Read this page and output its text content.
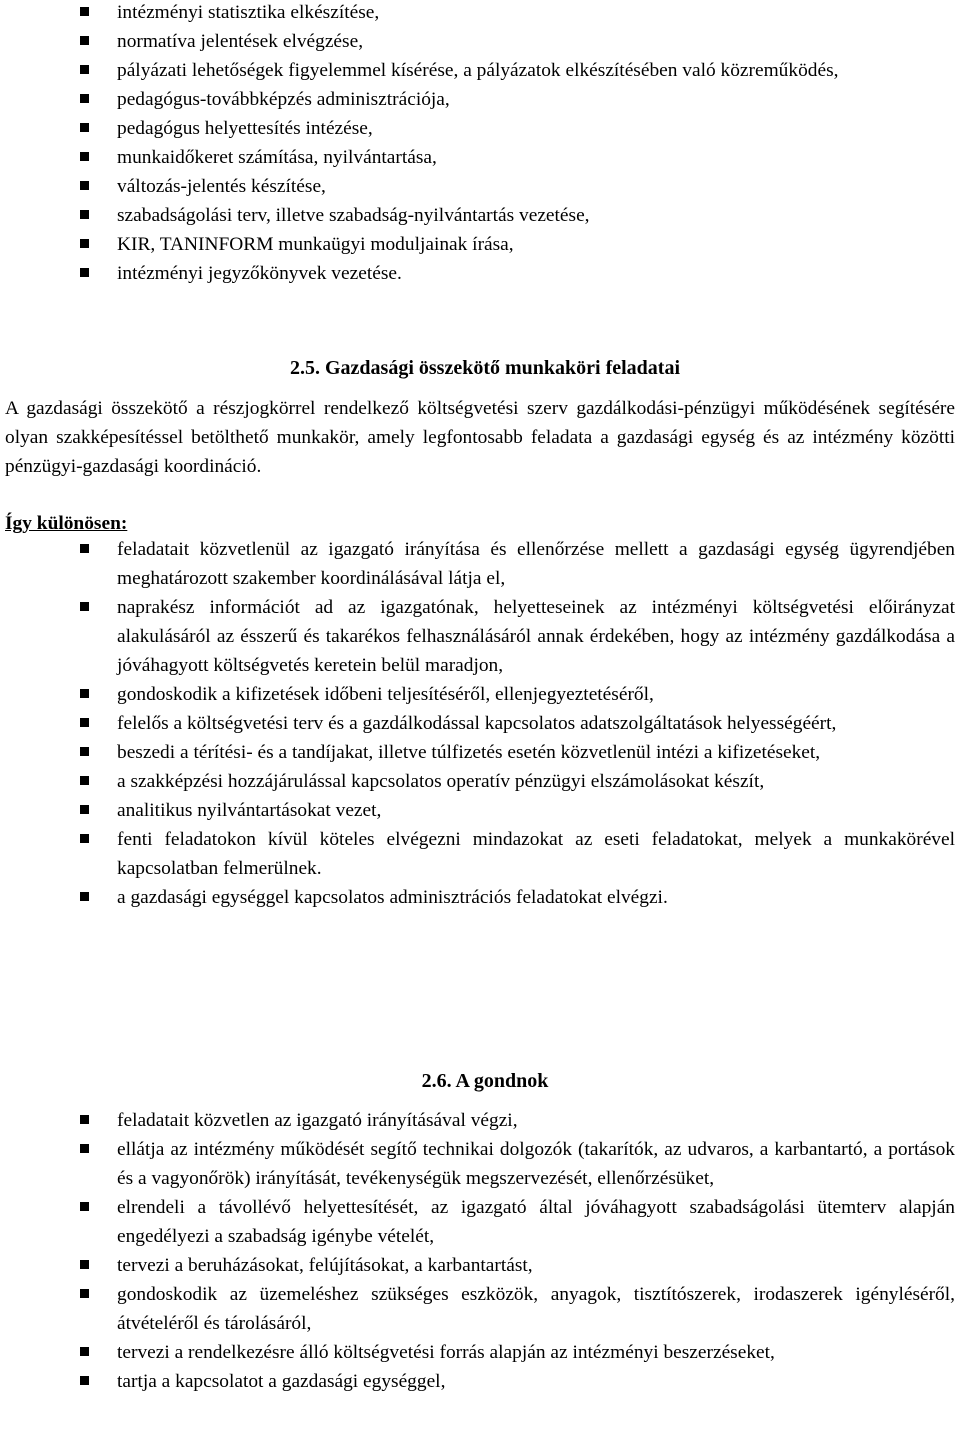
intézményi statisztika elkészítése,
normatíva jelentések elvégzése,
pályázati lehetőségek figyelemmel kísérése, a pályázatok elkészítésében való közreműködés,
pedagógus-továbbképzés adminisztrációja,
pedagógus helyettesítés intézése,
munkaidőkeret számítása, nyilvántartása,
változás-jelentés készítése,
szabadságolási terv, illetve szabadság-nyilvántartás vezetése,
KIR, TANINFORM munkaügyi moduljainak írása,
intézményi jegyzőkönyvek vezetése.
2.5. Gazdasági összekötő munkaköri feladatai

A gazdasági összekötő a részjogkörrel rendelkező költségvetési szerv gazdálkodási-pénzügyi működésének segítésére olyan szakképesítéssel betölthető munkakör, amely legfontosabb feladata a gazdasági egység és az intézmény közötti pénzügyi-gazdasági koordináció.

Így különösen:

feladatait közvetlenül az igazgató irányítása és ellenőrzése mellett a gazdasági egység ügyrendjében meghatározott szakember koordinálásával látja el,
naprakész információt ad az igazgatónak, helyetteseinek az intézményi költségvetési előirányzat alakulásáról az ésszerű és takarékos felhasználásáról annak érdekében, hogy az intézmény gazdálkodása a jóváhagyott költségvetés keretein belül maradjon,
gondoskodik a kifizetések időbeni teljesítéséről, ellenjegyeztetéséről,
felelős a költségvetési terv és a gazdálkodással kapcsolatos adatszolgáltatások helyességéért,
beszedi a térítési- és a tandíjakat, illetve túlfizetés esetén közvetlenül intézi a kifizetéseket,
a szakképzési hozzájárulással kapcsolatos operatív pénzügyi elszámolásokat készít,
analitikus nyilvántartásokat vezet,
fenti feladatokon kívül köteles elvégezni mindazokat az eseti feladatokat, melyek a munkakörével kapcsolatban felmerülnek.
a gazdasági egységgel kapcsolatos adminisztrációs feladatokat elvégzi.
2.6. A gondnok
feladatait közvetlen az igazgató irányításával végzi,
ellátja az intézmény működését segítő technikai dolgozók (takarítók, az udvaros, a karbantartó, a portások és a vagyonőrök) irányítását, tevékenységük megszervezését, ellenőrzésüket,
elrendeli a távollévő helyettesítését, az igazgató által jóváhagyott szabadságolási ütemterv alapján engedélyezi a szabadság igénybe vételét,
tervezi a beruházásokat, felújításokat, a karbantartást,
gondoskodik az üzemeléshez szükséges eszközök, anyagok, tisztítószerek, irodaszerek igényléséről, átvételéről és tárolásáról,
tervezi a rendelkezésre álló költségvetési forrás alapján az intézményi beszerzéseket,
tartja a kapcsolatot a gazdasági egységgel,
